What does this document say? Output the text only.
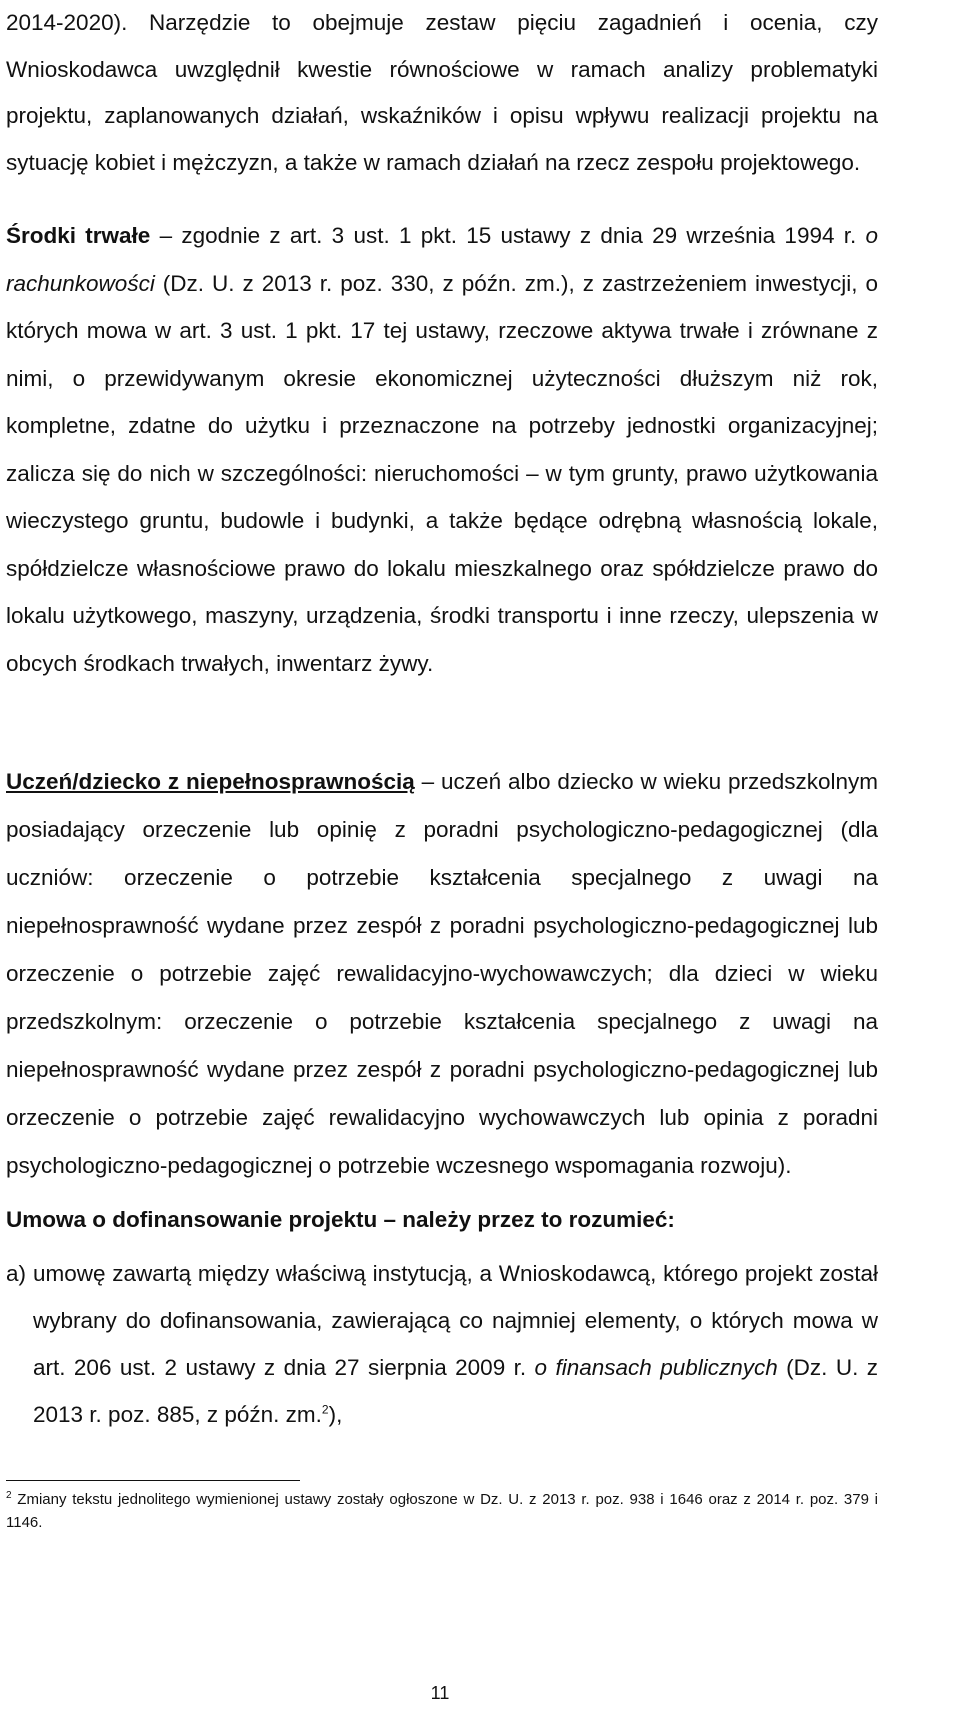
2014-2020). Narzędzie to obejmuje zestaw pięciu zagadnień i ocenia, czy Wnioskodawca uwzględnił kwestie równościowe w ramach analizy problematyki projektu, zaplanowanych działań, wskaźników i opisu wpływu realizacji projektu na sytuację kobiet i mężczyzn, a także w ramach działań na rzecz zespołu projektowego.

Środki trwałe – zgodnie z art. 3 ust. 1 pkt. 15 ustawy z dnia 29 września 1994 r. o rachunkowości (Dz. U. z 2013 r. poz. 330, z późn. zm.), z zastrzeżeniem inwestycji, o których mowa w art. 3 ust. 1 pkt. 17 tej ustawy, rzeczowe aktywa trwałe i zrównane z nimi, o przewidywanym okresie ekonomicznej użyteczności dłuższym niż rok, kompletne, zdatne do użytku i przeznaczone na potrzeby jednostki organizacyjnej; zalicza się do nich w szczególności: nieruchomości – w tym grunty, prawo użytkowania wieczystego gruntu, budowle i budynki, a także będące odrębną własnością lokale, spółdzielcze własnościowe prawo do lokalu mieszkalnego oraz spółdzielcze prawo do lokalu użytkowego, maszyny, urządzenia, środki transportu i inne rzeczy, ulepszenia w obcych środkach trwałych, inwentarz żywy.

Uczeń/dziecko z niepełnosprawnością – uczeń albo dziecko w wieku przedszkolnym posiadający orzeczenie lub opinię z poradni psychologiczno-pedagogicznej (dla uczniów: orzeczenie o potrzebie kształcenia specjalnego z uwagi na niepełnosprawność wydane przez zespół z poradni psychologiczno-pedagogicznej lub orzeczenie o potrzebie zajęć rewalidacyjno-wychowawczych; dla dzieci w wieku przedszkolnym: orzeczenie o potrzebie kształcenia specjalnego z uwagi na niepełnosprawność wydane przez zespół z poradni psychologiczno-pedagogicznej lub orzeczenie o potrzebie zajęć rewalidacyjno wychowawczych lub opinia z poradni psychologiczno-pedagogicznej o potrzebie wczesnego wspomagania rozwoju).

Umowa o dofinansowanie projektu – należy przez to rozumieć:

a) umowę zawartą między właściwą instytucją, a Wnioskodawcą, którego projekt został wybrany do dofinansowania, zawierającą co najmniej elementy, o których mowa w art. 206 ust. 2 ustawy z dnia 27 sierpnia 2009 r. o finansach publicznych (Dz. U. z 2013 r. poz. 885, z późn. zm.$^2$),

$^2$ Zmiany tekstu jednolitego wymienionej ustawy zostały ogłoszone w Dz. U. z 2013 r. poz. 938 i 1646 oraz z 2014 r. poz. 379 i 1146.

11
